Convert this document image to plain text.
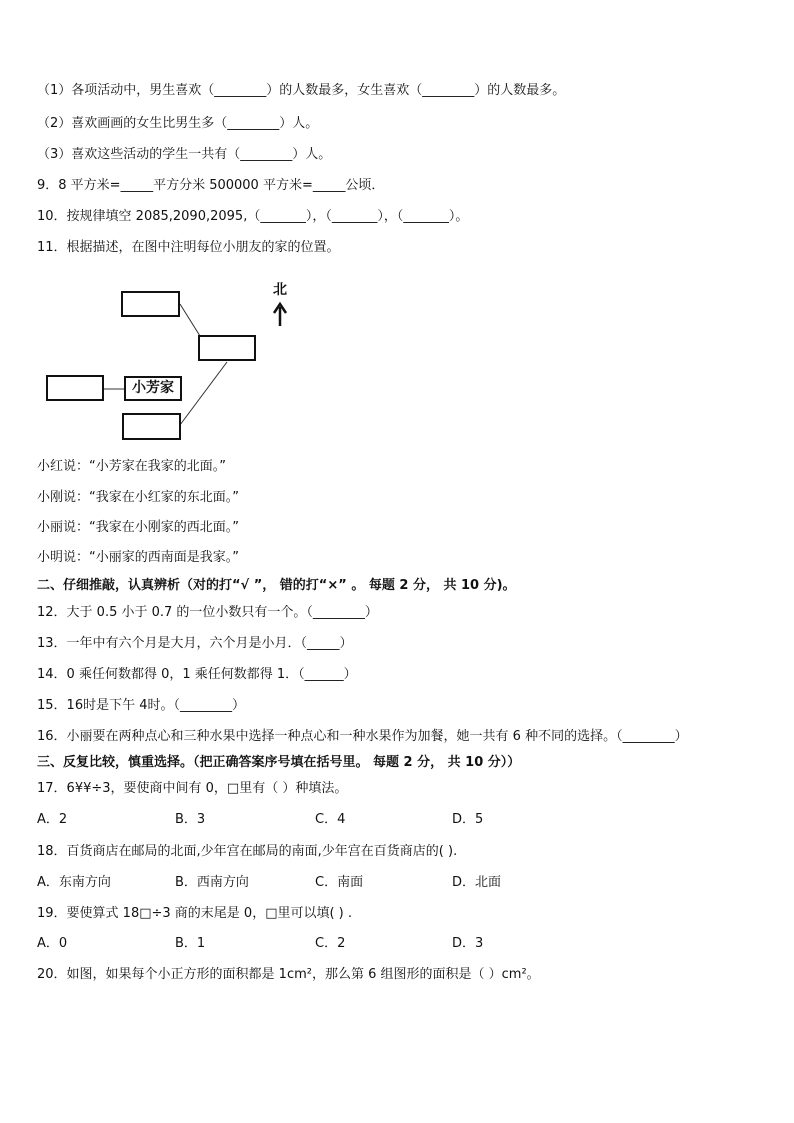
（1）各项活动中，男生喜欢（________）的人数最多，女生喜欢（________）的人数最多。
（2）喜欢画画的女生比男生多（________）人。
（3）喜欢这些活动的学生一共有（________）人。
9．8 平方米=_____平方分米 500000 平方米=_____公顷．
10．按规律填空 2085,2090,2095,（_______），（_______），（_______）。
11．根据描述，在图中注明每位小朋友的家的位置。
北
小芳家
小红说：“小芳家在我家的北面。”
小刚说：“我家在小红家的东北面。”
小丽说：“我家在小刚家的西北面。”
小明说：“小丽家的西南面是我家。”
二、仔细推敲，认真辨析（对的打“√ ”， 错的打“×” 。 每题 2 分， 共 10 分)。
12．大于 0.5 小于 0.7 的一位小数只有一个。（________）
13．一年中有六个月是大月，六个月是小月．（_____）
14．0 乘任何数都得 0，1 乘任何数都得 1．（______）
15．16时是下午 4时。（________）
16．小丽要在两种点心和三种水果中选择一种点心和一种水果作为加餐，她一共有 6 种不同的选择。（________）
三、反复比较，慎重选择。（把正确答案序号填在括号里。 每题 2 分， 共 10 分））
17．6¥¥÷3，要使商中间有 0，□里有（ ）种填法。
A．2	B．3	C．4	D．5
18．百货商店在邮局的北面,少年宫在邮局的南面,少年宫在百货商店的( ).
A．东南方向	B．西南方向	C．南面	D．北面
19．要使算式 18□÷3 商的末尾是 0，□里可以填( ) .
A．0	B．1	C．2	D．3
20．如图，如果每个小正方形的面积都是 1cm²，那么第 6 组图形的面积是（ ）cm²。
